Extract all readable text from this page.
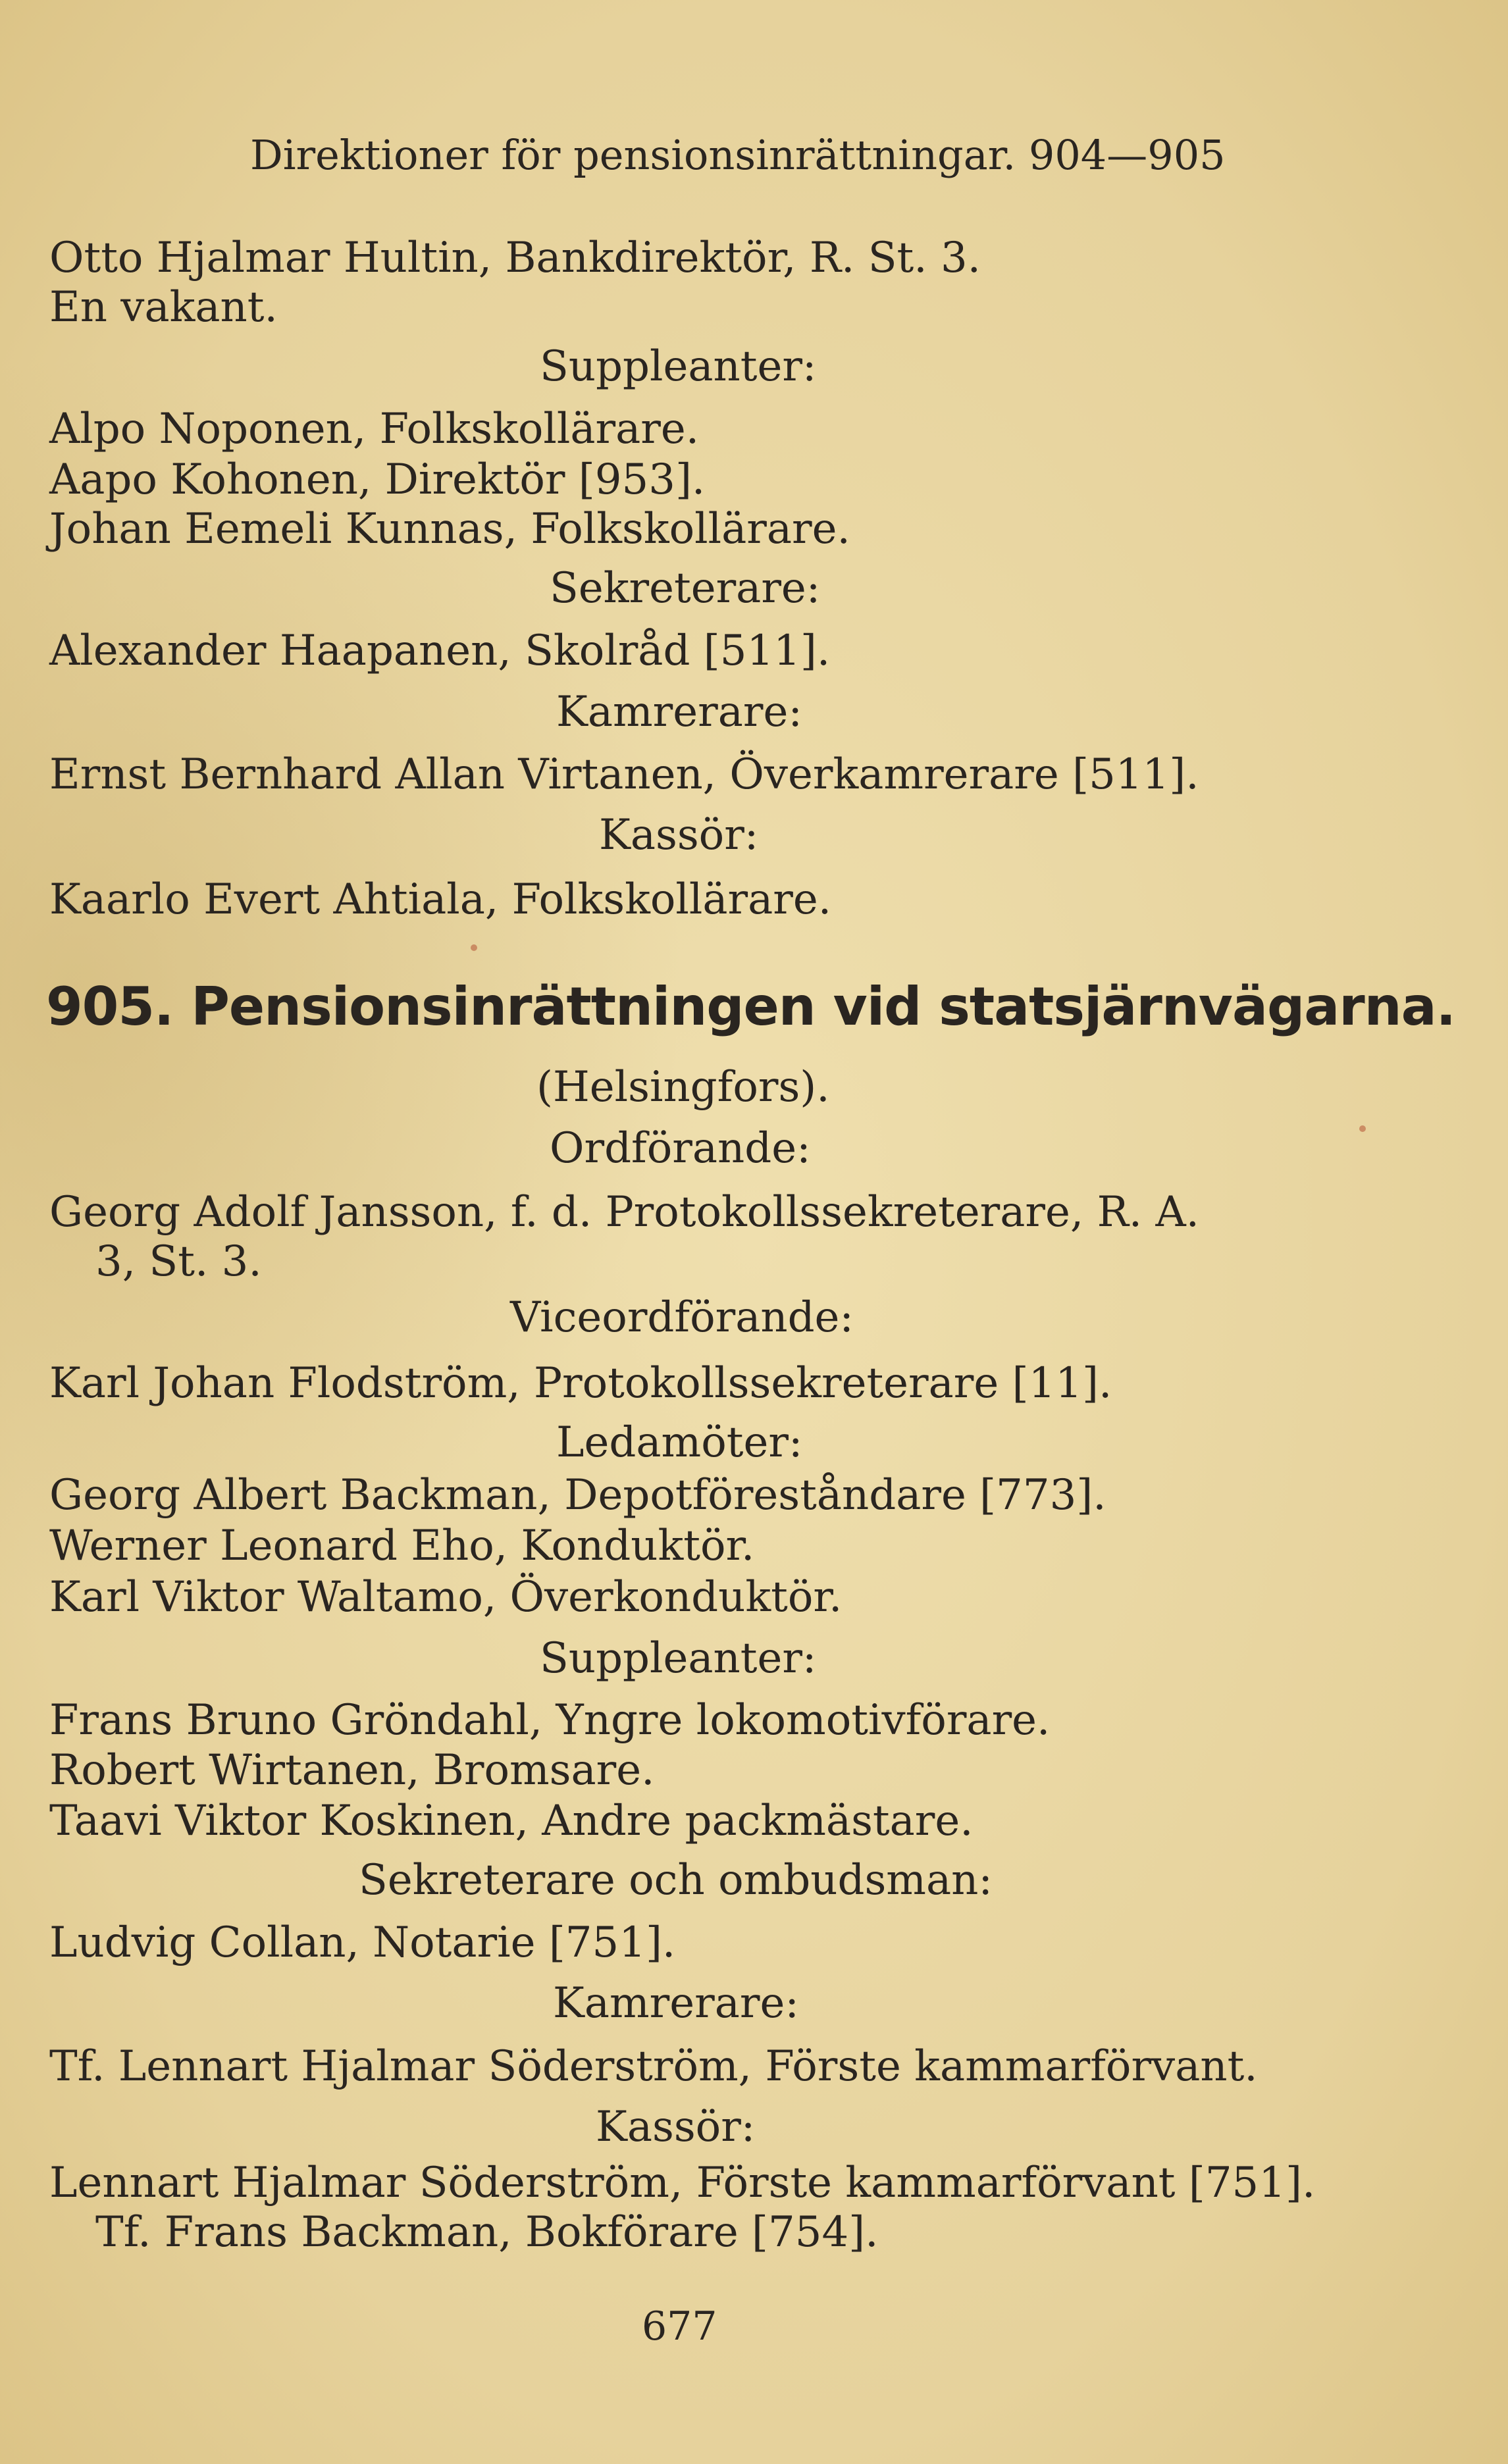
Direktioner för pensionsinrättningar. 904—905
Otto Hjalmar Hultin, Bankdirektör, R. St. 3.
En vakant.
Suppleanter:
Alpo Noponen, Folkskollärare.
Aapo Kohonen, Direktör [953].
Johan Eemeli Kunnas, Folkskollärare.
Sekreterare:
Alexander Haapanen, Skolråd [511].
Kamrerare:
Ernst Bernhard Allan Virtanen, Överkamrerare [511].
Kassör:
Kaarlo Evert Ahtiala, Folkskollärare.
905. Pensionsinrättningen vid statsjärnvägarna.
(Helsingfors).
Ordförande:
Georg Adolf Jansson, f. d. Protokollssekreterare, R. A.
3, St. 3.
Viceordförande:
Karl Johan Flodström, Protokollssekreterare [11].
Ledamöter:
Georg Albert Backman, Depotföreståndare [773].
Werner Leonard Eho, Konduktör.
Karl Viktor Waltamo, Överkonduktör.
Suppleanter:
Frans Bruno Gröndahl, Yngre lokomotivförare.
Robert Wirtanen, Bromsare.
Taavi Viktor Koskinen, Andre packmästare.
Sekreterare och ombudsman:
Ludvig Collan, Notarie [751].
Kamrerare:
Tf. Lennart Hjalmar Söderström, Förste kammarförvant.
Kassör:
Lennart Hjalmar Söderström, Förste kammarförvant [751].
Tf. Frans Backman, Bokförare [754].
677
